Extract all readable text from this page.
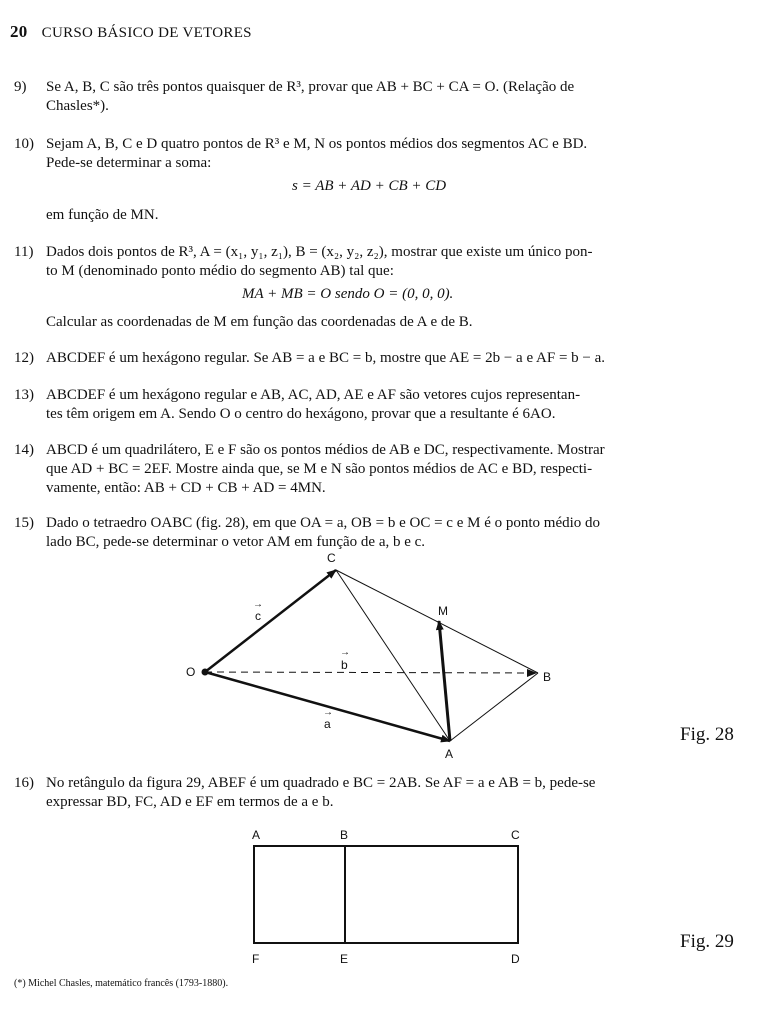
20 CURSO BÁSICO DE VETORES
9) Se A, B, C são três pontos quaisquer de R³, provar que AB + BC + CA = O. (Relação de
Chasles*).
10) Sejam A, B, C e D quatro pontos de R³ e M, N os pontos médios dos segmentos AC e BD.
Pede-se determinar a soma:
s = AB + AD + CB + CD
em função de MN.
11) Dados dois pontos de R³, A = (x₁, y₁, z₁), B = (x₂, y₂, z₂), mostrar que existe um único pon-
to M (denominado ponto médio do segmento AB) tal que:
MA + MB = O sendo O = (0, 0, 0).
Calcular as coordenadas de M em função das coordenadas de A e de B.
12) ABCDEF é um hexágono regular. Se AB = a e BC = b, mostre que AE = 2b − a e AF = b − a.
13) ABCDEF é um hexágono regular e AB, AC, AD, AE e AF são vetores cujos representan-
tes têm origem em A. Sendo O o centro do hexágono, provar que a resultante é 6AO.
14) ABCD é um quadrilátero, E e F são os pontos médios de AB e DC, respectivamente. Mostrar
que AD + BC = 2EF. Mostre ainda que, se M e N são pontos médios de AC e BD, respecti-
vamente, então: AB + CD + CB + AD = 4MN.
15) Dado o tetraedro OABC (fig. 28), em que OA = a, OB = b e OC = c e M é o ponto médio do
lado BC, pede-se determinar o vetor AM em função de a, b e c.
O
C
M
B
A
→
c
→
b
→
a	Fig. 28
16) No retângulo da figura 29, ABEF é um quadrado e BC = 2AB. Se AF = a e AB = b, pede-se
expressar BD, FC, AD e EF em termos de a e b.
A	B	C
F	E	D
Fig. 29
(*) Michel Chasles, matemático francês (1793-1880).
